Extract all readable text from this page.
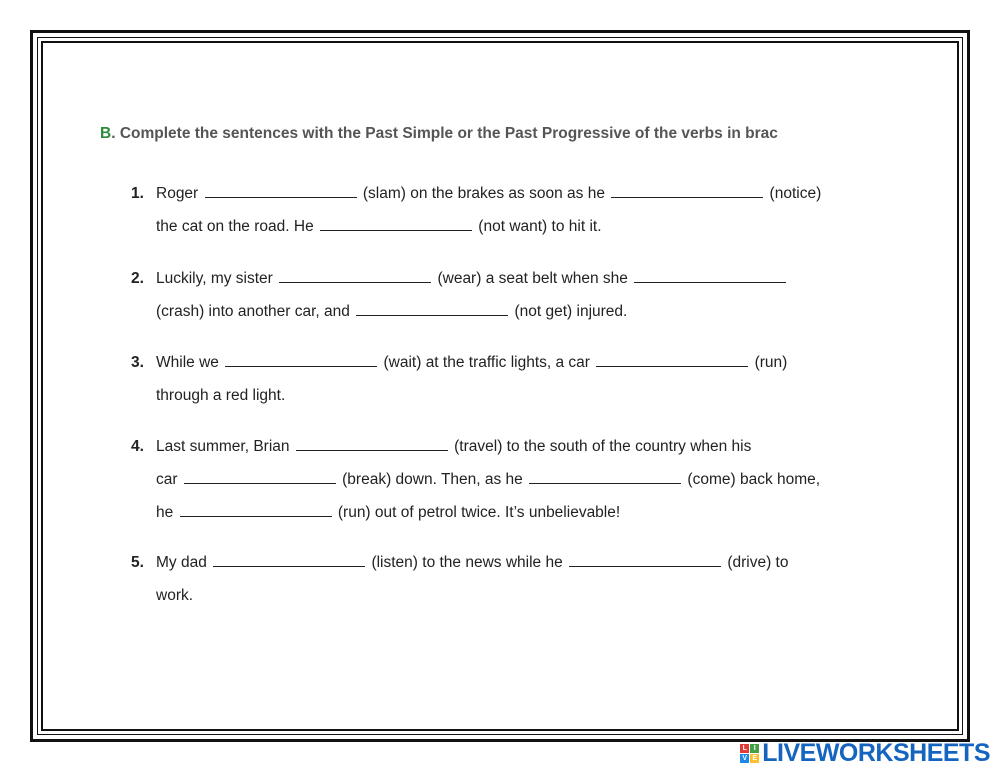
B. Complete the sentences with the Past Simple or the Past Progressive of the verbs in brac
1. Roger	(slam) on the brakes as soon as he	(notice)
the cat on the road. He	(not want) to hit it.
2. Luckily, my sister	(wear) a seat belt when she
(crash) into another car, and	(not get) injured.
3. While we	(wait) at the traffic lights, a car	(run)
through a red light.
4. Last summer, Brian	(travel) to the south of the country when his
car	(break) down. Then, as he	(come) back home,
he	(run) out of petrol twice. It’s unbelievable!
5. My dad	(listen) to the news while he	(drive) to
work.
L I
V E LIVEWORKSHEETS
